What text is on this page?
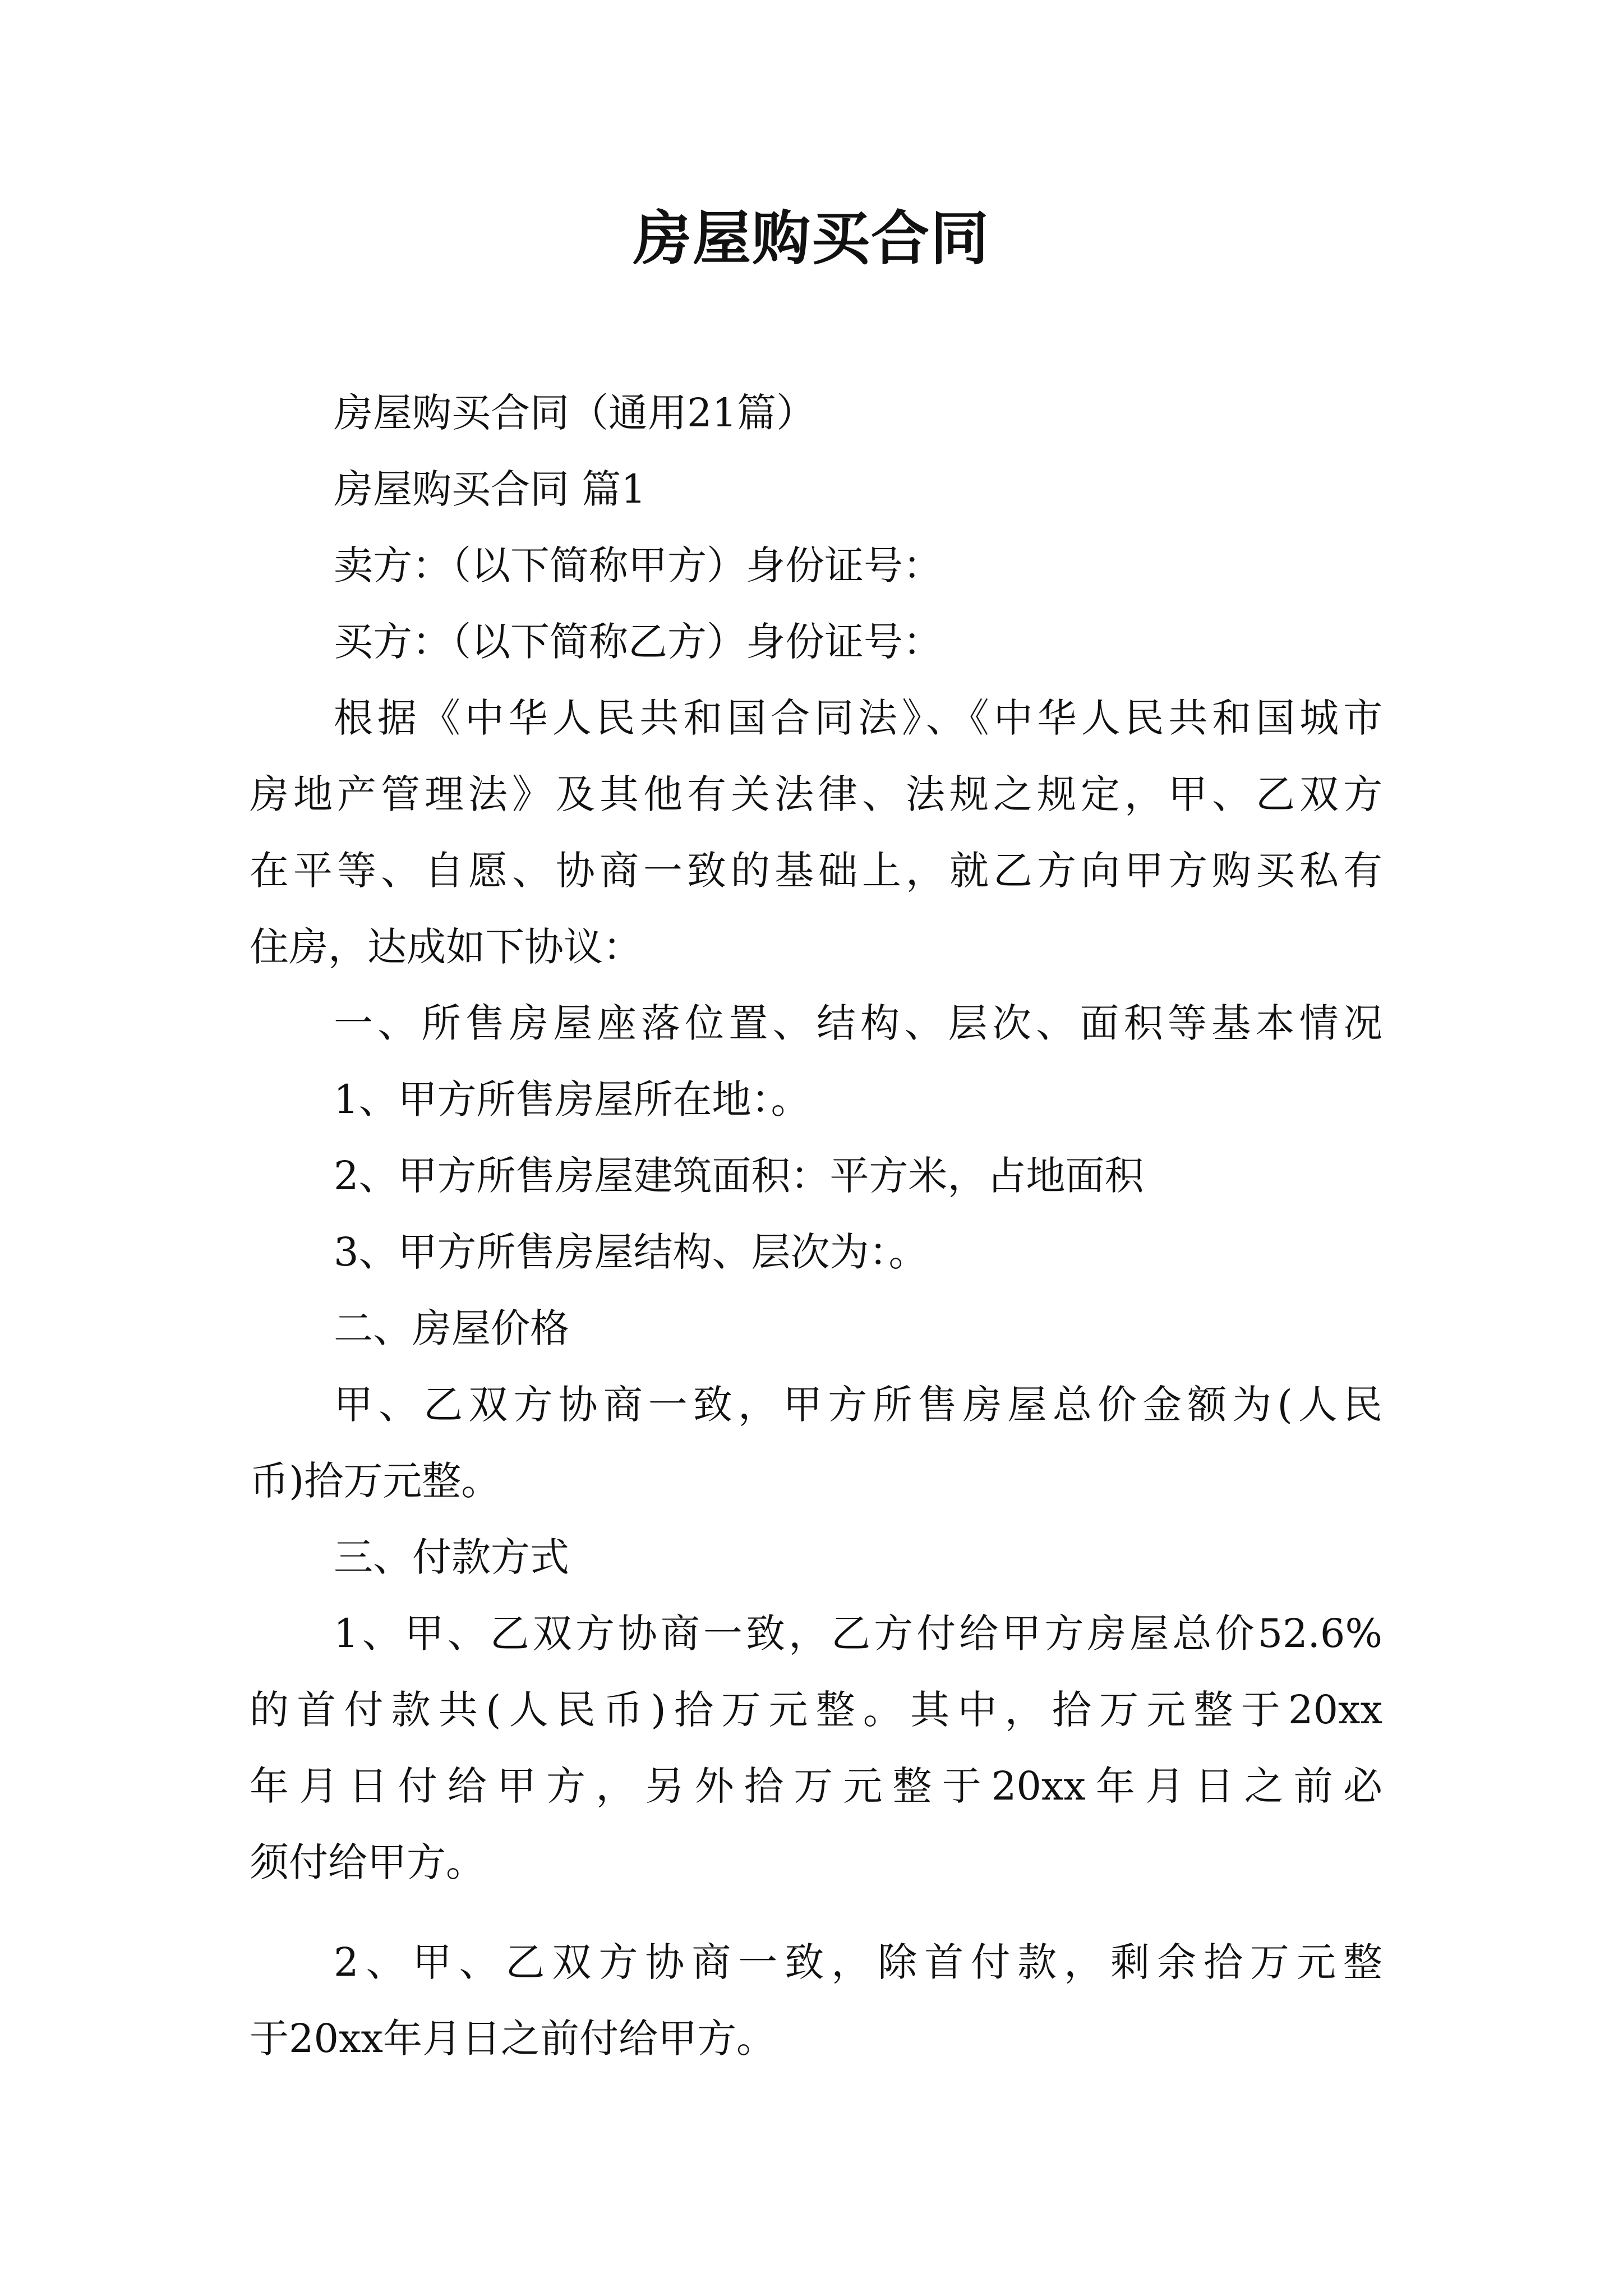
房屋购买合同

房屋购买合同（通用21篇）

房屋购买合同 篇1

卖方：（以下简称甲方）身份证号：

买方：（以下简称乙方）身份证号：

根据《中华人民共和国合同法》、《中华人民共和国城市

房地产管理法》及其他有关法律、法规之规定，甲、乙双方

在平等、自愿、协商一致的基础上，就乙方向甲方购买私有

住房，达成如下协议：

一、所售房屋座落位置、结构、层次、面积等基本情况

1、甲方所售房屋所在地：。

2、甲方所售房屋建筑面积：平方米，占地面积

3、甲方所售房屋结构、层次为：。

二、房屋价格

甲、乙双方协商一致，甲方所售房屋总价金额为(人民

币)拾万元整。

三、付款方式

1、甲、乙双方协商一致，乙方付给甲方房屋总价52.6%

的首付款共(人民币)拾万元整。其中，拾万元整于20xx

年月日付给甲方，另外拾万元整于20xx年月日之前必

须付给甲方。

2、甲、乙双方协商一致，除首付款，剩余拾万元整

于20xx年月日之前付给甲方。
